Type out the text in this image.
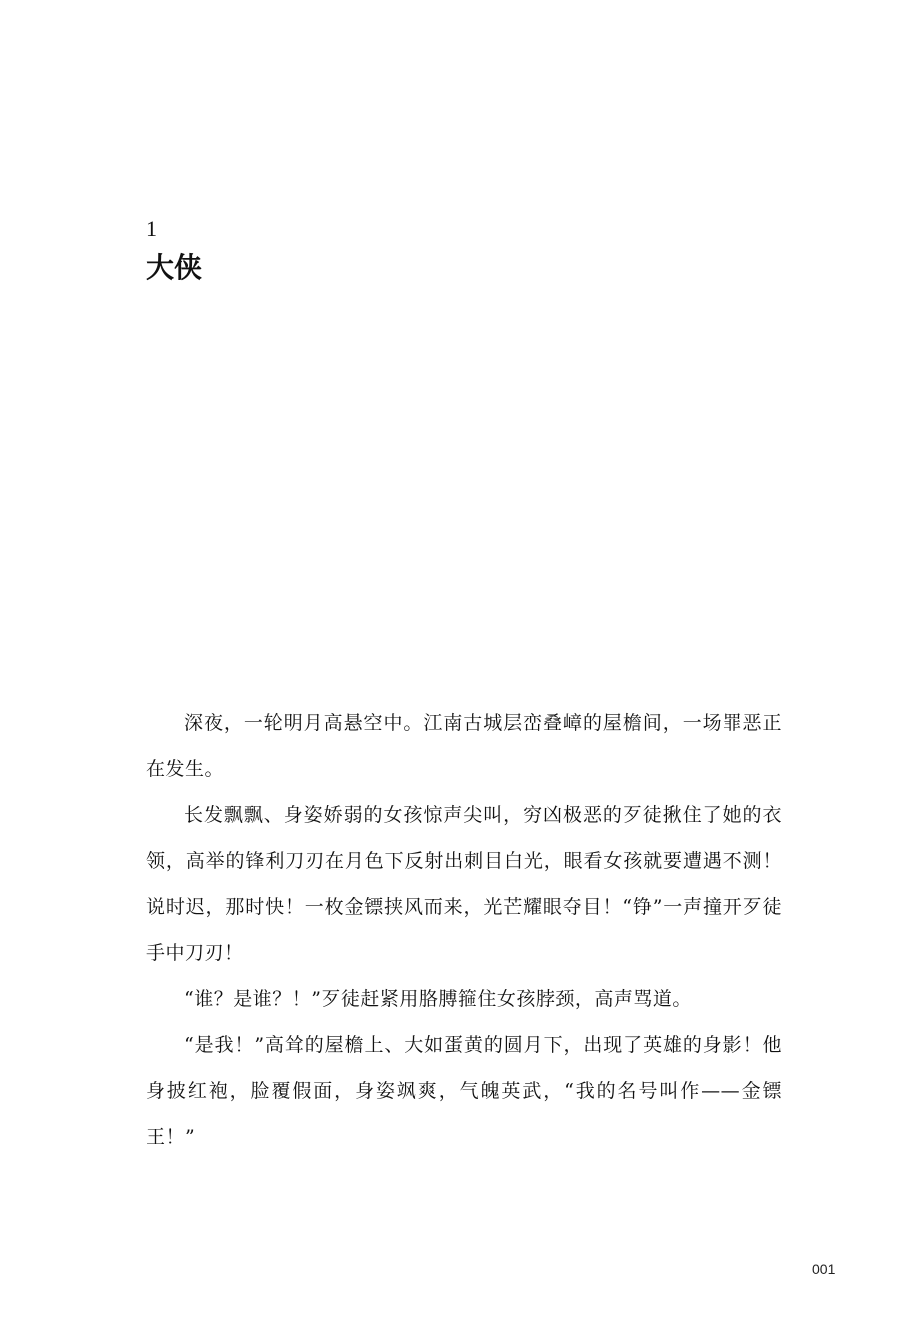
1
大侠

深夜，一轮明月高悬空中。江南古城层峦叠嶂的屋檐间，一场罪恶正在发生。

长发飘飘、身姿娇弱的女孩惊声尖叫，穷凶极恶的歹徒揪住了她的衣领，高举的锋利刀刃在月色下反射出刺目白光，眼看女孩就要遭遇不测！说时迟，那时快！一枚金镖挟风而来，光芒耀眼夺目！“铮”一声撞开歹徒手中刀刃！

“谁？是谁？！”歹徒赶紧用胳膊箍住女孩脖颈，高声骂道。

“是我！”高耸的屋檐上、大如蛋黄的圆月下，出现了英雄的身影！他身披红袍，脸覆假面，身姿飒爽，气魄英武，“我的名号叫作——金镖王！”

001
